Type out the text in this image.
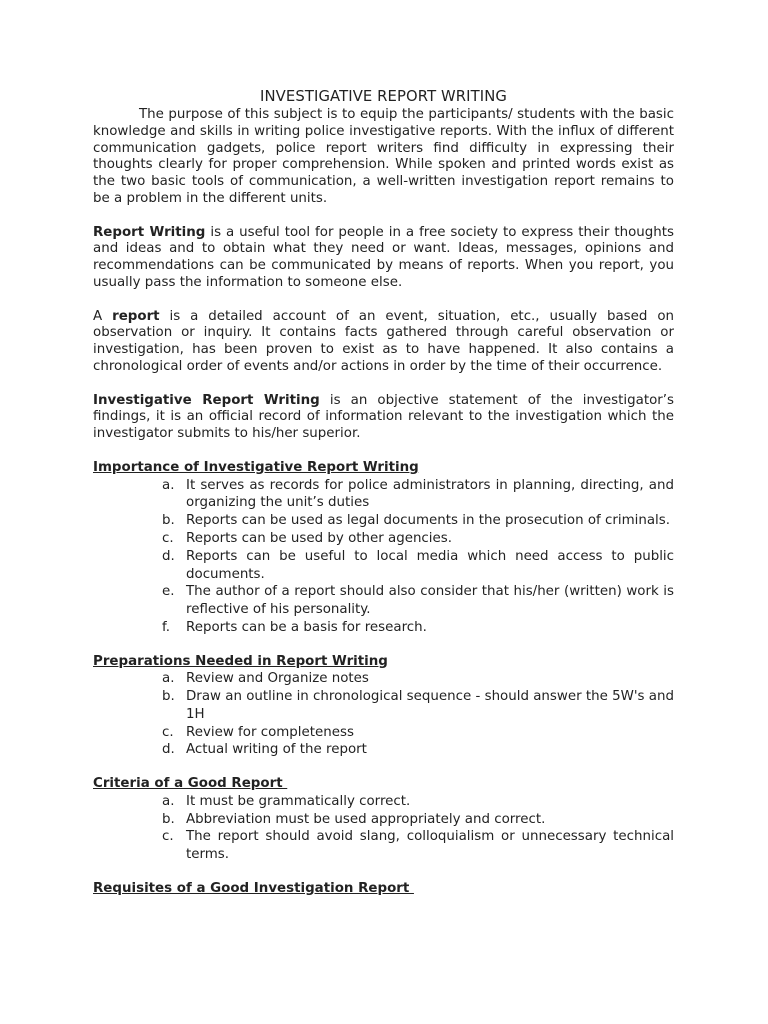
INVESTIGATIVE REPORT WRITING

The purpose of this subject is to equip the participants/ students with the basic knowledge and skills in writing police investigative reports. With the influx of different communication gadgets, police report writers find difficulty in expressing their thoughts clearly for proper comprehension. While spoken and printed words exist as the two basic tools of communication, a well-written investigation report remains to be a problem in the different units.

Report Writing is a useful tool for people in a free society to express their thoughts and ideas and to obtain what they need or want. Ideas, messages, opinions and recommendations can be communicated by means of reports. When you report, you usually pass the information to someone else.

A report is a detailed account of an event, situation, etc., usually based on observation or inquiry. It contains facts gathered through careful observation or investigation, has been proven to exist as to have happened. It also contains a chronological order of events and/or actions in order by the time of their occurrence.

Investigative Report Writing is an objective statement of the investigator’s findings, it is an official record of information relevant to the investigation which the investigator submits to his/her superior.

Importance of Investigative Report Writing
a. It serves as records for police administrators in planning, directing, and organizing the unit’s duties
b. Reports can be used as legal documents in the prosecution of criminals.
c. Reports can be used by other agencies.
d. Reports can be useful to local media which need access to public documents.
e. The author of a report should also consider that his/her (written) work is reflective of his personality.
f. Reports can be a basis for research.
Preparations Needed in Report Writing
a. Review and Organize notes
b. Draw an outline in chronological sequence - should answer the 5W's and 1H
c. Review for completeness
d. Actual writing of the report
Criteria of a Good Report
a. It must be grammatically correct.
b. Abbreviation must be used appropriately and correct.
c. The report should avoid slang, colloquialism or unnecessary technical terms.
Requisites of a Good Investigation Report
